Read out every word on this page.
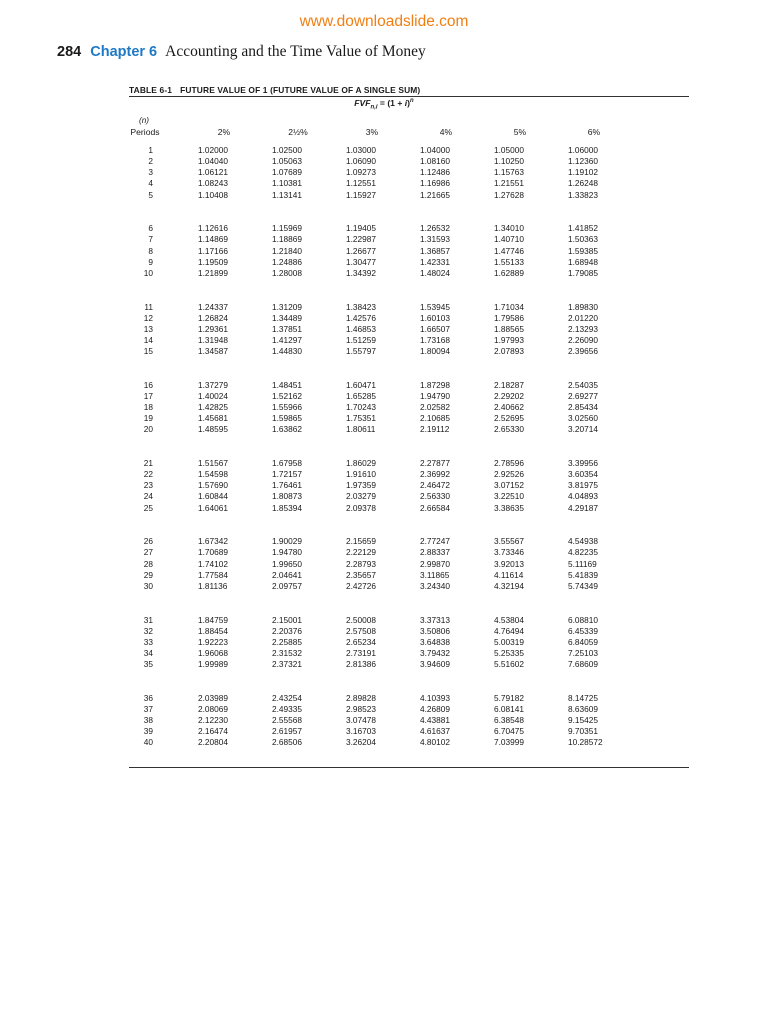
www.downloadslide.com
284 Chapter 6 Accounting and the Time Value of Money
TABLE 6-1 FUTURE VALUE OF 1 (FUTURE VALUE OF A SINGLE SUM)
$FVF_{n,i} = (1 + i)^n$
(n)
Periods	2%	2½%	3%	4%	5%	6%
1	1.02000	1.02500	1.03000	1.04000	1.05000	1.06000
2	1.04040	1.05063	1.06090	1.08160	1.10250	1.12360
3	1.06121	1.07689	1.09273	1.12486	1.15763	1.19102
4	1.08243	1.10381	1.12551	1.16986	1.21551	1.26248
5	1.10408	1.13141	1.15927	1.21665	1.27628	1.33823
6	1.12616	1.15969	1.19405	1.26532	1.34010	1.41852
7	1.14869	1.18869	1.22987	1.31593	1.40710	1.50363
8	1.17166	1.21840	1.26677	1.36857	1.47746	1.59385
9	1.19509	1.24886	1.30477	1.42331	1.55133	1.68948
10	1.21899	1.28008	1.34392	1.48024	1.62889	1.79085
11	1.24337	1.31209	1.38423	1.53945	1.71034	1.89830
12	1.26824	1.34489	1.42576	1.60103	1.79586	2.01220
13	1.29361	1.37851	1.46853	1.66507	1.88565	2.13293
14	1.31948	1.41297	1.51259	1.73168	1.97993	2.26090
15	1.34587	1.44830	1.55797	1.80094	2.07893	2.39656
16	1.37279	1.48451	1.60471	1.87298	2.18287	2.54035
17	1.40024	1.52162	1.65285	1.94790	2.29202	2.69277
18	1.42825	1.55966	1.70243	2.02582	2.40662	2.85434
19	1.45681	1.59865	1.75351	2.10685	2.52695	3.02560
20	1.48595	1.63862	1.80611	2.19112	2.65330	3.20714
21	1.51567	1.67958	1.86029	2.27877	2.78596	3.39956
22	1.54598	1.72157	1.91610	2.36992	2.92526	3.60354
23	1.57690	1.76461	1.97359	2.46472	3.07152	3.81975
24	1.60844	1.80873	2.03279	2.56330	3.22510	4.04893
25	1.64061	1.85394	2.09378	2.66584	3.38635	4.29187
26	1.67342	1.90029	2.15659	2.77247	3.55567	4.54938
27	1.70689	1.94780	2.22129	2.88337	3.73346	4.82235
28	1.74102	1.99650	2.28793	2.99870	3.92013	5.11169
29	1.77584	2.04641	2.35657	3.11865	4.11614	5.41839
30	1.81136	2.09757	2.42726	3.24340	4.32194	5.74349
31	1.84759	2.15001	2.50008	3.37313	4.53804	6.08810
32	1.88454	2.20376	2.57508	3.50806	4.76494	6.45339
33	1.92223	2.25885	2.65234	3.64838	5.00319	6.84059
34	1.96068	2.31532	2.73191	3.79432	5.25335	7.25103
35	1.99989	2.37321	2.81386	3.94609	5.51602	7.68609
36	2.03989	2.43254	2.89828	4.10393	5.79182	8.14725
37	2.08069	2.49335	2.98523	4.26809	6.08141	8.63609
38	2.12230	2.55568	3.07478	4.43881	6.38548	9.15425
39	2.16474	2.61957	3.16703	4.61637	6.70475	9.70351
40	2.20804	2.68506	3.26204	4.80102	7.03999	10.28572
